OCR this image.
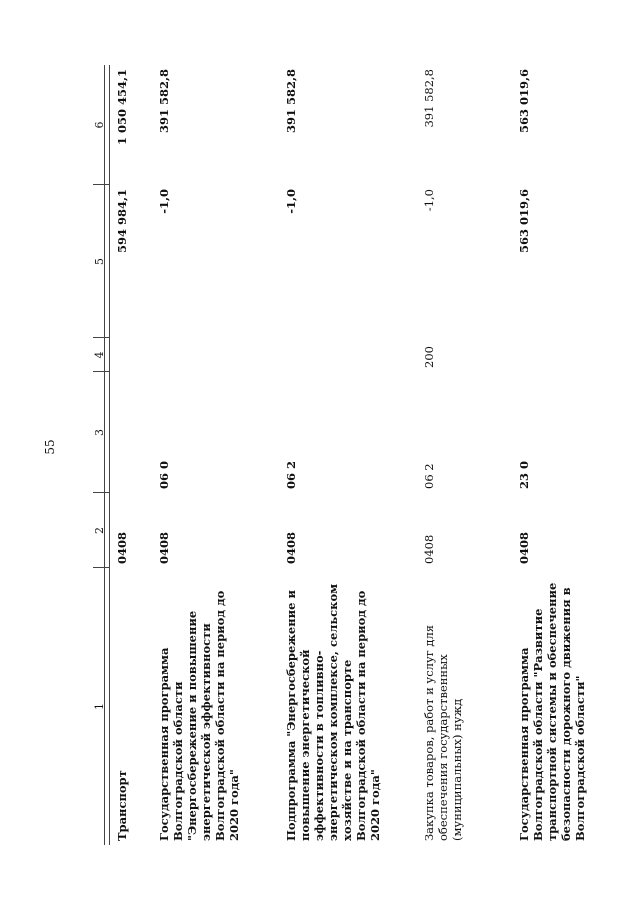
55
1
2
3
4
5
6
Транспорт
0408
594 984,1
1 050 454,1
Государственная программа Волгоградской области "Энергосбережение и повышение энергетической эффективности Волгоградской области на период до 2020 года"
0408
06 0
-1,0
391 582,8
Подпрограмма "Энергосбережение и повышение энергетической эффективности в топливно-энергетическом комплексе, сельском хозяйстве и на транспорте Волгоградской области на период до 2020 года"
0408
06 2
-1,0
391 582,8
Закупка товаров, работ и услуг для обеспечения государственных (муниципальных) нужд
0408
06 2
200
-1,0
391 582,8
Государственная программа Волгоградской области "Развитие транспортной системы и обеспечение безопасности дорожного движения в Волгоградской области"
0408
23 0
563 019,6
563 019,6
